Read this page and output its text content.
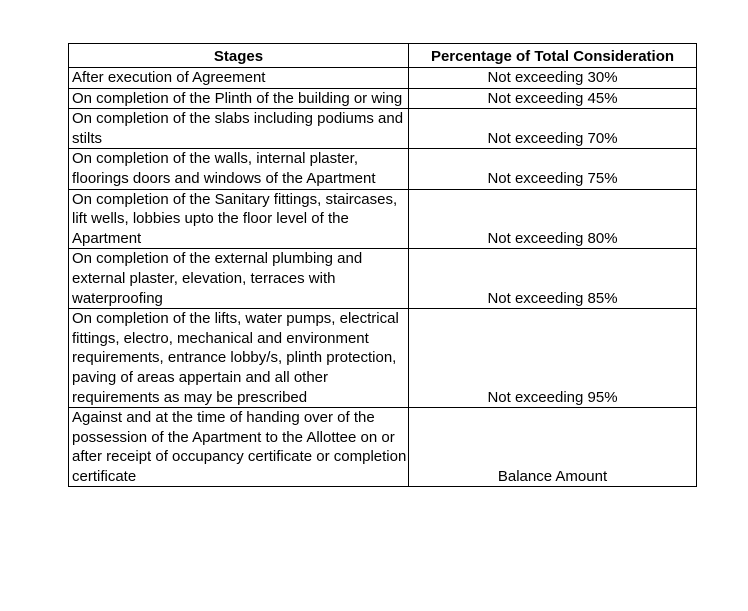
Stages	Percentage of Total Consideration
After execution of Agreement	Not exceeding 30%
On completion of the Plinth of the building or wing	Not exceeding 45%
On completion of the slabs including podiums and stilts	Not exceeding 70%
On completion of the walls, internal plaster, floorings doors and windows of the Apartment	Not exceeding 75%
On completion of the Sanitary fittings, staircases, lift wells, lobbies upto the floor level of the Apartment	Not exceeding 80%
On completion of the external plumbing and external plaster, elevation, terraces with waterproofing	Not exceeding 85%
On completion of the lifts, water pumps, electrical fittings, electro, mechanical and environment requirements, entrance lobby/s, plinth protection, paving of areas appertain and all other requirements as may be prescribed	Not exceeding 95%
Against and at the time of handing over of the possession of the Apartment to the Allottee on or after receipt of occupancy certificate or completion certificate	Balance Amount
